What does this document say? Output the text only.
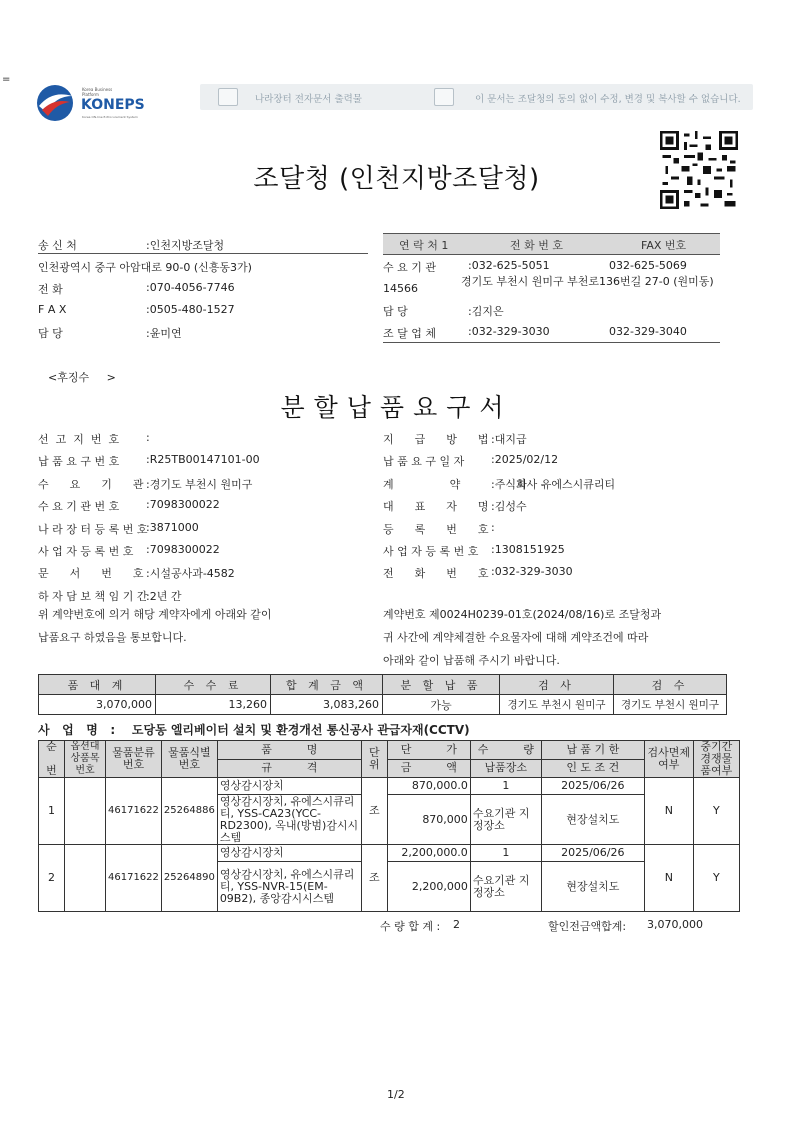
=
Korea Business Platform
KONEPS
Korea ON-line E-Procurement System
나라장터 전자문서 출력물	이 문서는 조달청의 동의 없이 수정, 변경 및 복사할 수 없습니다.
조달청 (인천지방조달청)
송 신 처	:인천지방조달청
인천광역시 중구 아암대로 90-0 (신흥동3가)
전 화	:070-4056-7746
F A X	:0505-480-1527
담 당	:윤미연
연 락 처 1	전 화 번 호	FAX 번호
수 요 기 관	:032-625-5051	032-625-5069
14566
경기도 부천시 원미구 부천로136번길 27-0 (원미동)
담 당	:김지은
조 달 업 체	:032-329-3030	032-329-3040
<후징수     >
분할납품요구서
선  고  지  번  호 :
납 품 요 구 번 호 :R25TB00147101-00
수      요      기      관 :경기도 부천시 원미구
수 요 기 관 번 호 :7098300022
나 라 장 터 등 록 번 호
:3871000
사 업 자 등 록 번 호 :7098300022
문      서      번      호 :시설공사과-4582
하 자 담 보 책 임 기 간
:2년 간
지      급      방      법 :대지급
납 품 요 구 일 자 :2025/02/12
계                약                자
:주식회사 유에스시큐리티
대      표      자      명 :김성수
등      록      번      호 :
사 업 자 등 록 번 호 :1308151925
전      화      번      호 :032-329-3030
위 계약번호에 의거 해당 계약자에게 아래와 같이
납품요구 하였음을 통보합니다.
계약번호 제0024H0239-01호(2024/08/16)로 조달청과
귀 사간에 계약체결한 수요물자에 대해 계약조건에 따라
아래와 같이 납품해 주시기 바랍니다.
품 대 계	수 수 료	합 계 금 액	분 할 납 품	검 사	검 수
3,070,000	13,260	3,083,260	가능	경기도 부천시 원미구	경기도 부천시 원미구
사   업   명   :    도당동 엘리베이터 설치 및 환경개선 통신공사 관급자재(CCTV)
순

번	옵션대상품목번호	물품분류번호	물품식별번호	품          명	단위	단          가	수          량	납 품 기 한	검사면제여부	중기간경쟁물품여부
				규          격		금          액	납품장소	인 도 조 건		
1		46171622	25264886	영상감시장치	조	870,000.0	1	2025/06/26	N	Y
				영상감시장치, 유에스시큐리티, YSS-CA23(YCC-RD2300), 옥내(방범)감시시스템		870,000	수요기관 지정장소	현장설치도		
2		46171622	25264890	영상감시장치	조	2,200,000.0	1	2025/06/26	N	Y
				영상감시장치, 유에스시큐리티, YSS-NVR-15(EM-09B2), 종앙감시시스템		2,200,000	수요기관 지정장소	현장설치도		
수 량 합 계 : 2	할인전금액합계: 3,070,000
1/2
